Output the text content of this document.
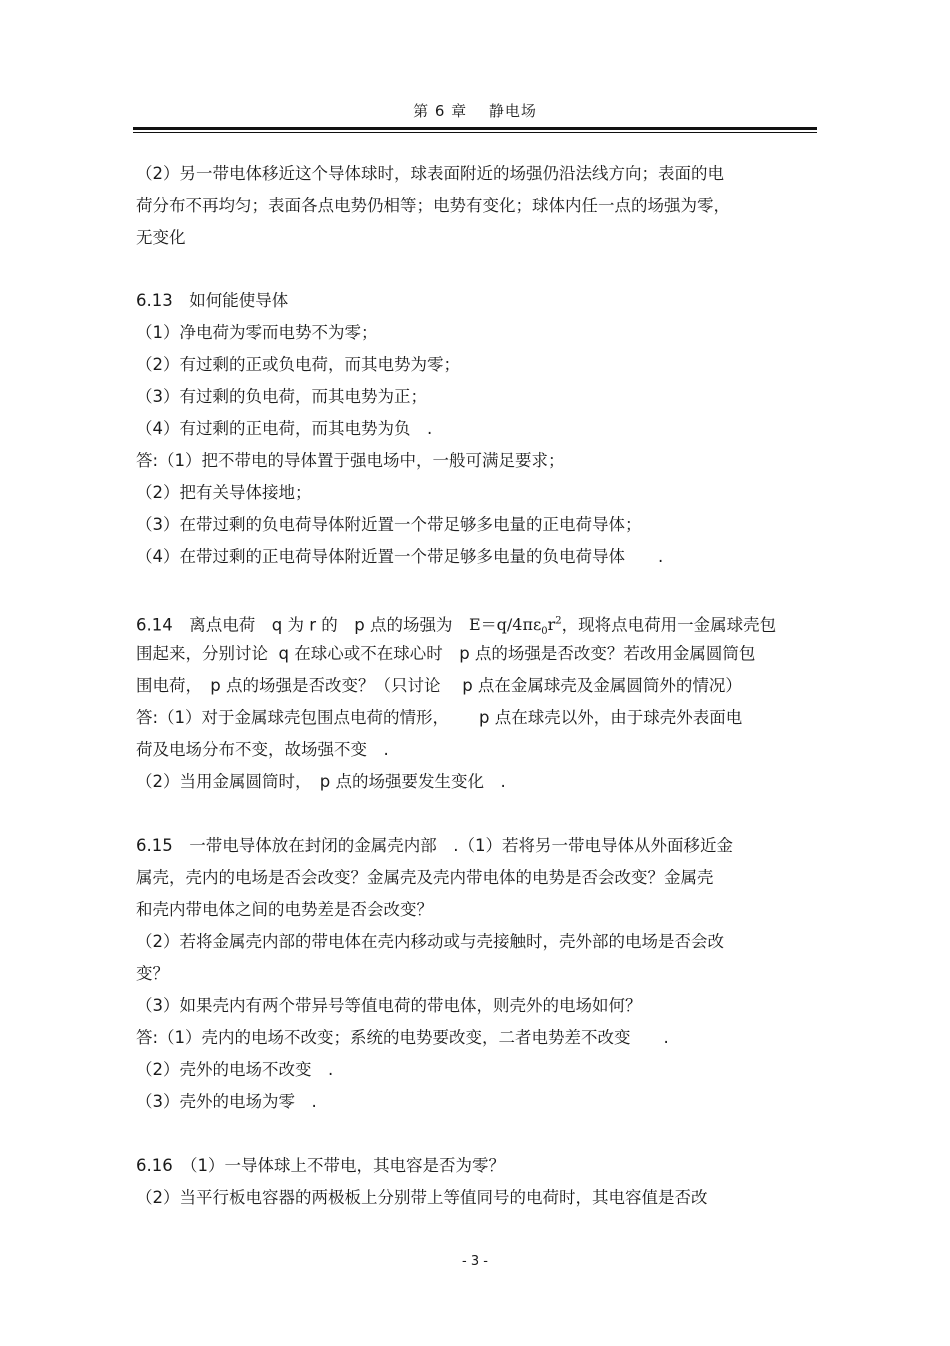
第 6 章　 静电场
（2）另一带电体移近这个导体球时，球表面附近的场强仍沿法线方向；表面的电
荷分布不再均匀；表面各点电势仍相等；电势有变化；球体内任一点的场强为零，
无变化
6.13　如何能使导体
（1）净电荷为零而电势不为零；
（2）有过剩的正或负电荷，而其电势为零；
（3）有过剩的负电荷，而其电势为正；
（4）有过剩的正电荷，而其电势为负　.
答:（1）把不带电的导体置于强电场中，一般可满足要求；
（2）把有关导体接地；
（3）在带过剩的负电荷导体附近置一个带足够多电量的正电荷导体；
（4）在带过剩的正电荷导体附近置一个带足够多电量的负电荷导体　　.
6.14　离点电荷　q 为 r 的　p 点的场强为　$E=q/4\pi\varepsilon_0r^2$，现将点电荷用一金属球壳包
围起来，分别讨论  q 在球心或不在球心时　p 点的场强是否改变？若改用金属圆筒包
围电荷，　p 点的场强是否改变？（只讨论　 p 点在金属球壳及金属圆筒外的情况）
答:（1）对于金属球壳包围点电荷的情形，　　 p 点在球壳以外，由于球壳外表面电
荷及电场分布不变，故场强不变　.
（2）当用金属圆筒时，　p 点的场强要发生变化　.
6.15　一带电导体放在封闭的金属壳内部　.（1）若将另一带电导体从外面移近金
属壳，壳内的电场是否会改变？金属壳及壳内带电体的电势是否会改变？金属壳
和壳内带电体之间的电势差是否会改变？
（2）若将金属壳内部的带电体在壳内移动或与壳接触时，壳外部的电场是否会改
变？
（3）如果壳内有两个带异号等值电荷的带电体，则壳外的电场如何？
答:（1）壳内的电场不改变；系统的电势要改变，二者电势差不改变　　.
（2）壳外的电场不改变　.
（3）壳外的电场为零　.
6.16　（1）一导体球上不带电，其电容是否为零？
（2）当平行板电容器的两极板上分别带上等值同号的电荷时，其电容值是否改
- 3 -
